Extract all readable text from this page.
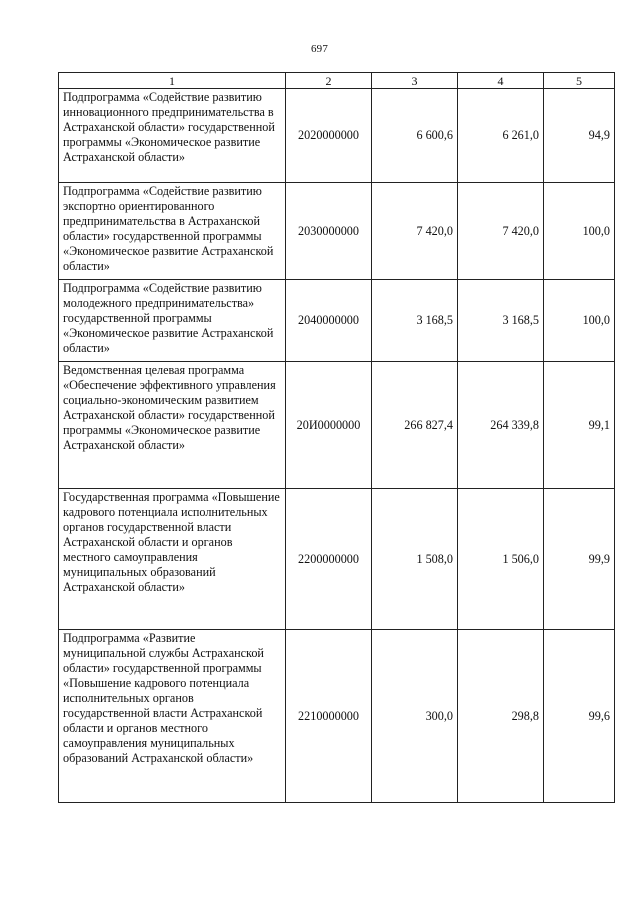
697
1	2	3	4	5
Подпрограмма «Содействие развитию инновационного предпринимательства в Астраханской области» государственной программы «Экономическое развитие Астраханской области»	2020000000	6 600,6	6 261,0	94,9
Подпрограмма «Содействие развитию экспортно ориентированного предпринимательства в Астраханской области» государственной программы «Экономическое развитие Астраханской области»	2030000000	7 420,0	7 420,0	100,0
Подпрограмма «Содействие развитию молодежного предпринимательства» государственной программы «Экономическое развитие Астраханской области»	2040000000	3 168,5	3 168,5	100,0
Ведомственная целевая программа «Обеспечение эффективного управления социально-экономическим развитием Астраханской области» государственной программы «Экономическое развитие Астраханской области»	20И0000000	266 827,4	264 339,8	99,1
Государственная программа «Повышение кадрового потенциала исполнительных органов государственной власти Астраханской области и органов местного самоуправления муниципальных образований Астраханской области»	2200000000	1 508,0	1 506,0	99,9
Подпрограмма «Развитие муниципальной службы Астраханской области» государственной программы «Повышение кадрового потенциала исполнительных органов государственной власти Астраханской области и органов местного самоуправления муниципальных образований Астраханской области»	2210000000	300,0	298,8	99,6
